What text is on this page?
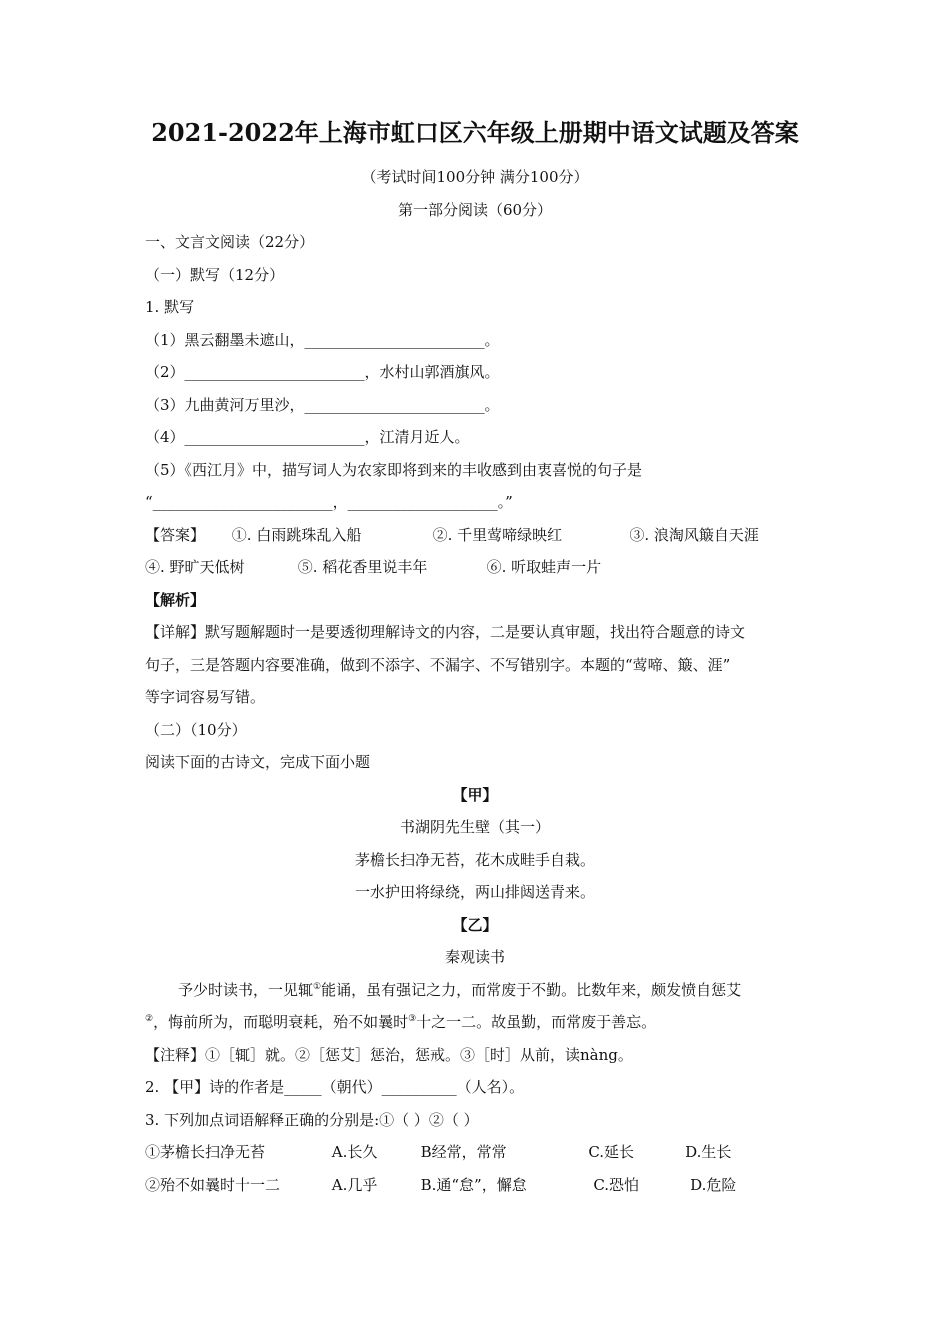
2021-2022年上海市虹口区六年级上册期中语文试题及答案
（考试时间100分钟 满分100分）
第一部分阅读（60分）
一、文言文阅读（22分）
（一）默写（12分）
1. 默写
（1）黑云翻墨未遮山，________________________。
（2）________________________，水村山郭酒旗风。
（3）九曲黄河万里沙，________________________。
（4）________________________，江清月近人。
（5）《西江月》中，描写词人为农家即将到来的丰收感到由衷喜悦的句子是
“________________________，____________________。”
【答案】 ①. 白雨跳珠乱入船	②. 千里莺啼绿映红	③. 浪淘风簸自天涯
④. 野旷天低树	⑤. 稻花香里说丰年	⑥. 听取蛙声一片
【解析】
【详解】默写题解题时一是要透彻理解诗文的内容，二是要认真审题，找出符合题意的诗文
句子，三是答题内容要准确，做到不添字、不漏字、不写错别字。本题的“莺啼、簸、涯”
等字词容易写错。
（二）（10分）
阅读下面的古诗文，完成下面小题
【甲】
书湖阴先生壁（其一）
茅檐长扫净无苔，花木成畦手自栽。
一水护田将绿绕，两山排闼送青来。
【乙】
秦观读书
予少时读书，一见辄①能诵，虽有强记之力，而常废于不勤。比数年来，颇发愤自惩艾
②，悔前所为，而聪明衰耗，殆不如曩时③十之一二。故虽勤，而常废于善忘。
【注释】①［辄］就。②［惩艾］惩治，惩戒。③［时］从前，读nàng。
2. 【甲】诗的作者是_____（朝代）__________（人名）。
3. 下列加点词语解释正确的分别是:①（ ）②（ ）
①茅檐长扫净无苔	A.长久	B经常，常常	C.延长	D.生长
②殆不如曩时十一二	A.几乎	B.通“怠”，懈怠	C.恐怕	D.危险
